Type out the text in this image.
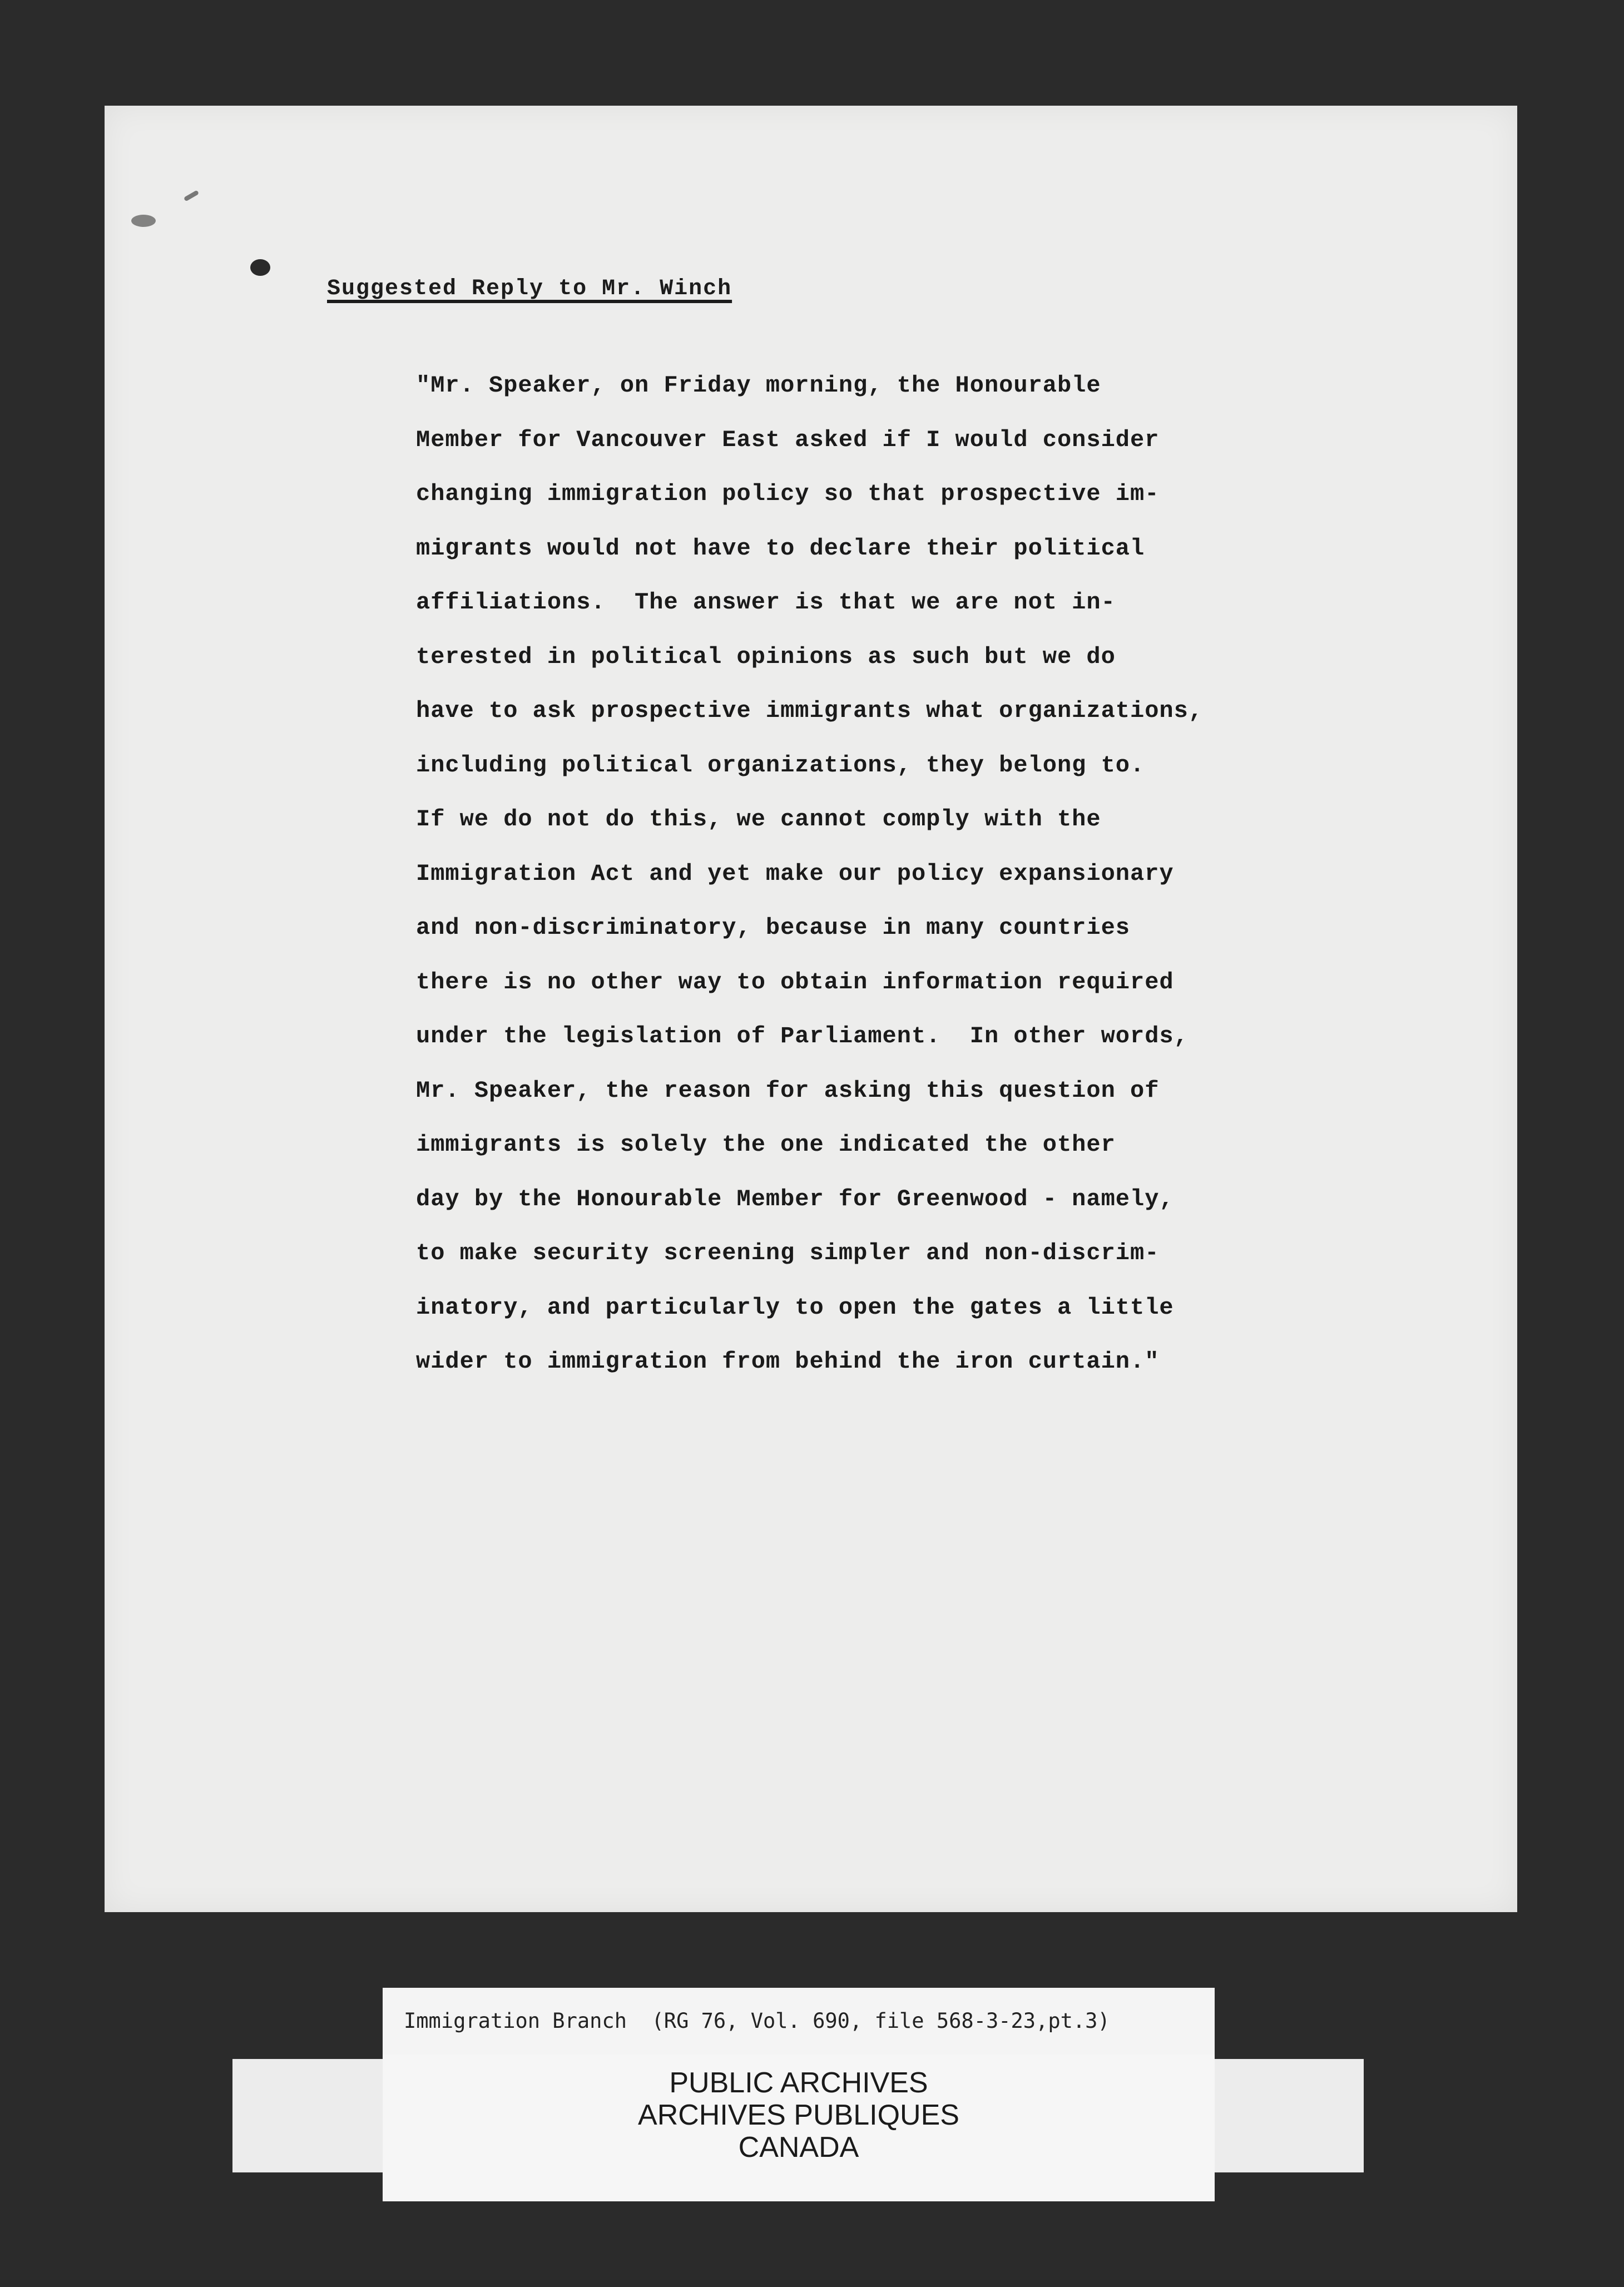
Suggested Reply to Mr. Winch
"Mr. Speaker, on Friday morning, the Honourable
Member for Vancouver East asked if I would consider
changing immigration policy so that prospective im-
migrants would not have to declare their political
affiliations.  The answer is that we are not in-
terested in political opinions as such but we do
have to ask prospective immigrants what organizations,
including political organizations, they belong to.
If we do not do this, we cannot comply with the
Immigration Act and yet make our policy expansionary
and non-discriminatory, because in many countries
there is no other way to obtain information required
under the legislation of Parliament.  In other words,
Mr. Speaker, the reason for asking this question of
immigrants is solely the one indicated the other
day by the Honourable Member for Greenwood - namely,
to make security screening simpler and non-discrim-
inatory, and particularly to open the gates a little
wider to immigration from behind the iron curtain."
PUBLIC ARCHIVES
ARCHIVES PUBLIQUES
CANADA
Immigration Branch  (RG 76, Vol. 690, file 568-3-23,pt.3)
